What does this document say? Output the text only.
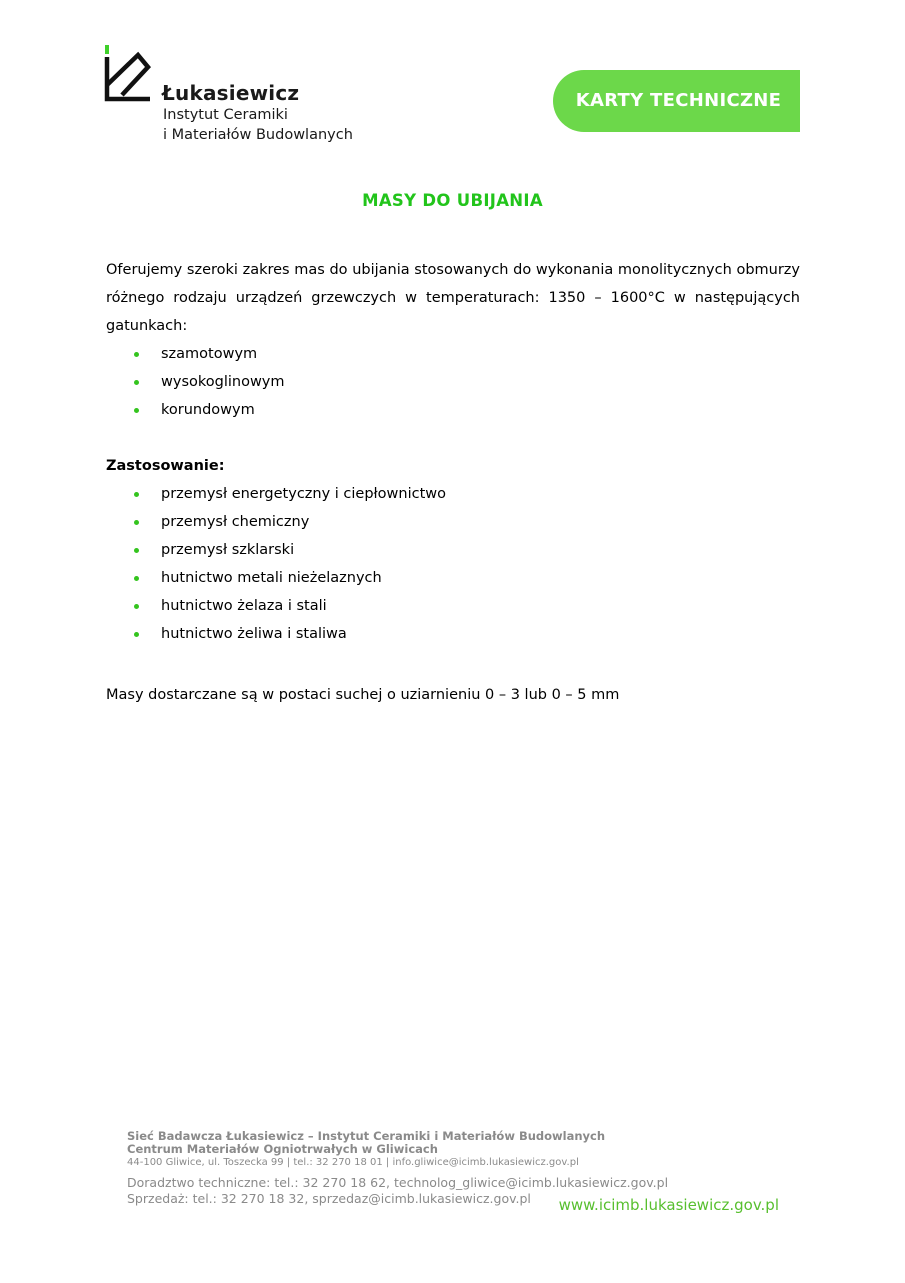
Łukasiewicz
Instytut Ceramiki
i Materiałów Budowlanych
KARTY TECHNICZNE
MASY DO UBIJANIA

Oferujemy szeroki zakres mas do ubijania stosowanych do wykonania monolitycznych obmurzy różnego rodzaju urządzeń grzewczych w temperaturach: 1350 – 1600°C w następujących gatunkach:

szamotowym
wysokoglinowym
korundowym
Zastosowanie:
przemysł energetyczny i ciepłownictwo
przemysł chemiczny
przemysł szklarski
hutnictwo metali nieżelaznych
hutnictwo żelaza i stali
hutnictwo żeliwa i staliwa
Masy dostarczane są w postaci suchej o uziarnieniu 0 – 3 lub 0 – 5 mm
Sieć Badawcza Łukasiewicz – Instytut Ceramiki i Materiałów Budowlanych
Centrum Materiałów Ogniotrwałych w Gliwicach
44-100 Gliwice, ul. Toszecka 99 | tel.: 32 270 18 01 | info.gliwice@icimb.lukasiewicz.gov.pl
Doradztwo techniczne: tel.: 32 270 18 62, technolog_gliwice@icimb.lukasiewicz.gov.pl
Sprzedaż: tel.: 32 270 18 32, sprzedaz@icimb.lukasiewicz.gov.pl	www.icimb.lukasiewicz.gov.pl
